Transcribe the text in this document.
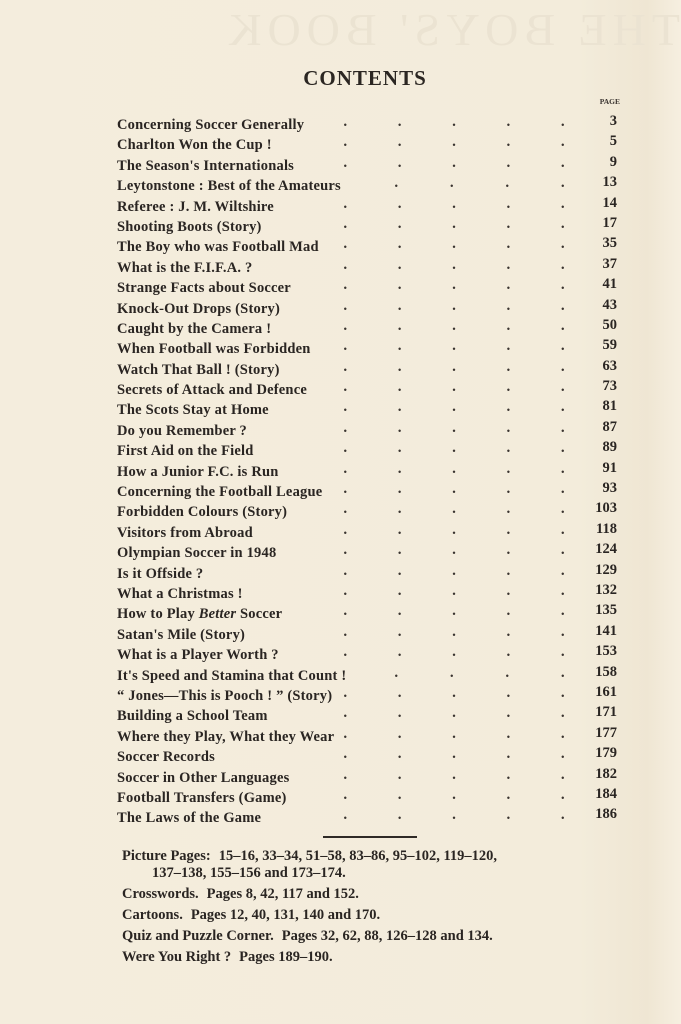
THE BOYS' BOOK
CONTENTS
PAGE
Concerning Soccer Generally	.	.	.	.	.	3
Charlton Won the Cup !	.	.	.	.	.	5
The Season's Internationals	.	.	.	.	.	9
Leytonstone : Best of the Amateurs	.	.	.	.	13
Referee : J. M. Wiltshire	.	.	.	.	.	14
Shooting Boots (Story)	.	.	.	.	.	17
The Boy who was Football Mad .	.	.	.	.	35
What is the F.I.F.A. ?	.	.	.	.	.	37
Strange Facts about Soccer	.	.	.	.	.	41
Knock-Out Drops (Story)	.	.	.	.	.	43
Caught by the Camera !	.	.	.	.	.	50
When Football was Forbidden .	.	.	.	.	59
Watch That Ball ! (Story)	.	.	.	.	.	63
Secrets of Attack and Defence	.	.	.	.	.	73
The Scots Stay at Home	.	.	.	.	.	81
Do you Remember ?	.	.	.	.	.	87
First Aid on the Field	.	.	.	.	.	89
How a Junior F.C. is Run	.	.	.	.	.	91
Concerning the Football League .	.	.	.	.	93
Forbidden Colours (Story)	.	.	.	.	.	103
Visitors from Abroad	.	.	.	.	.	118
Olympian Soccer in 1948	.	.	.	.	.	124
Is it Offside ?	.	.	.	.	.	129
What a Christmas !	.	.	.	.	.	132
How to Play Better Soccer	.	.	.	.	.	135
Satan's Mile (Story)	.	.	.	.	.	141
What is a Player Worth ?	.	.	.	.	.	153
It's Speed and Stamina that Count !	.	.	.	.	158
“ Jones—This is Pooch ! ” (Story) .	.	.	.	.	161
Building a School Team	.	.	.	.	.	171
Where they Play, What they Wear .	.	.	.	.	177
Soccer Records	.	.	.	.	.	179
Soccer in Other Languages	.	.	.	.	.	182
Football Transfers (Game)	.	.	.	.	.	184
The Laws of the Game	.	.	.	.	.	186
Picture Pages: 15–16, 33–34, 51–58, 83–86, 95–102, 119–120,
137–138, 155–156 and 173–174.
Crosswords. Pages 8, 42, 117 and 152.
Cartoons. Pages 12, 40, 131, 140 and 170.
Quiz and Puzzle Corner. Pages 32, 62, 88, 126–128 and 134.
Were You Right ? Pages 189–190.
